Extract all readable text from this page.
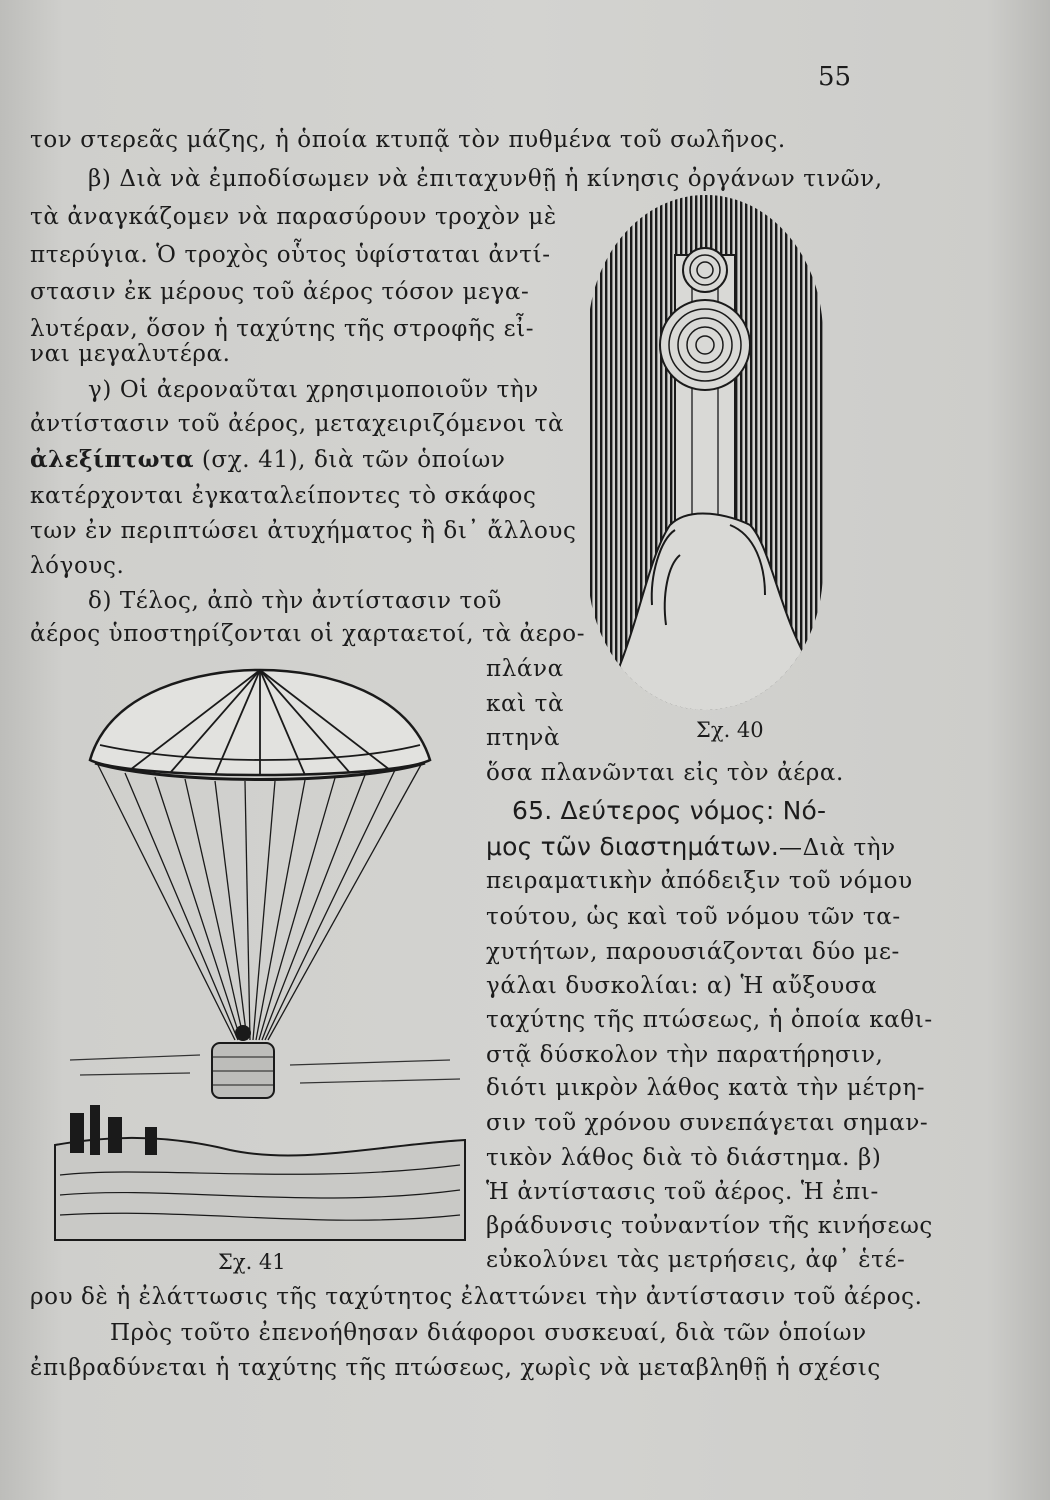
55
τον στερεᾶς μάζης, ἡ ὁποία κτυπᾷ τὸν πυθμένα τοῦ σωλῆνος.
β) Διὰ νὰ ἐμποδίσωμεν νὰ ἐπιταχυνθῇ ἡ κίνησις ὀργάνων τινῶν,
τὰ ἀναγκάζομεν νὰ παρασύρουν τροχὸν μὲ
πτερύγια. Ὁ τροχὸς οὗτος ὑφίσταται ἀντί-
στασιν ἐκ μέρους τοῦ ἀέρος τόσον μεγα-
λυτέραν, ὅσον ἡ ταχύτης τῆς στροφῆς εἶ-
ναι μεγαλυτέρα.
γ) Οἱ ἀεροναῦται χρησιμοποιοῦν τὴν
ἀντίστασιν τοῦ ἀέρος, μεταχειριζόμενοι τὰ
ἀλεξίπτωτα (σχ. 41), διὰ τῶν ὁποίων
κατέρχονται ἐγκαταλείποντες τὸ σκάφος
των ἐν περιπτώσει ἀτυχήματος ἢ δι᾽ ἄλλους
λόγους.
δ) Τέλος, ἀπὸ τὴν ἀντίστασιν τοῦ
ἀέρος ὑποστηρίζονται οἱ χαρταετοί, τὰ ἀερο-
πλάνα
καὶ τὰ
πτηνὰ
ὅσα πλανῶνται εἰς τὸν ἀέρα.
65. Δεύτερος νόμος: Νό-
μος τῶν διαστημάτων.—Διὰ τὴν
πειραματικὴν ἀπόδειξιν τοῦ νόμου
τούτου, ὡς καὶ τοῦ νόμου τῶν τα-
χυτήτων, παρουσιάζονται δύο με-
γάλαι δυσκολίαι: α) Ἡ αὔξουσα
ταχύτης τῆς πτώσεως, ἡ ὁποία καθι-
στᾷ δύσκολον τὴν παρατήρησιν,
διότι μικρὸν λάθος κατὰ τὴν μέτρη-
σιν τοῦ χρόνου συνεπάγεται σημαν-
τικὸν λάθος διὰ τὸ διάστημα. β)
Ἡ ἀντίστασις τοῦ ἀέρος. Ἡ ἐπι-
βράδυνσις τοὐναντίον τῆς κινήσεως
εὐκολύνει τὰς μετρήσεις, ἀφ᾽ ἑτέ-
ρου δὲ ἡ ἐλάττωσις τῆς ταχύτητος ἐλαττώνει τὴν ἀντίστασιν τοῦ ἀέρος.
Πρὸς τοῦτο ἐπενοήθησαν διάφοροι συσκευαί, διὰ τῶν ὁποίων
ἐπιβραδύνεται ἡ ταχύτης τῆς πτώσεως, χωρὶς νὰ μεταβληθῇ ἡ σχέσις
Σχ. 40
Σχ. 41
